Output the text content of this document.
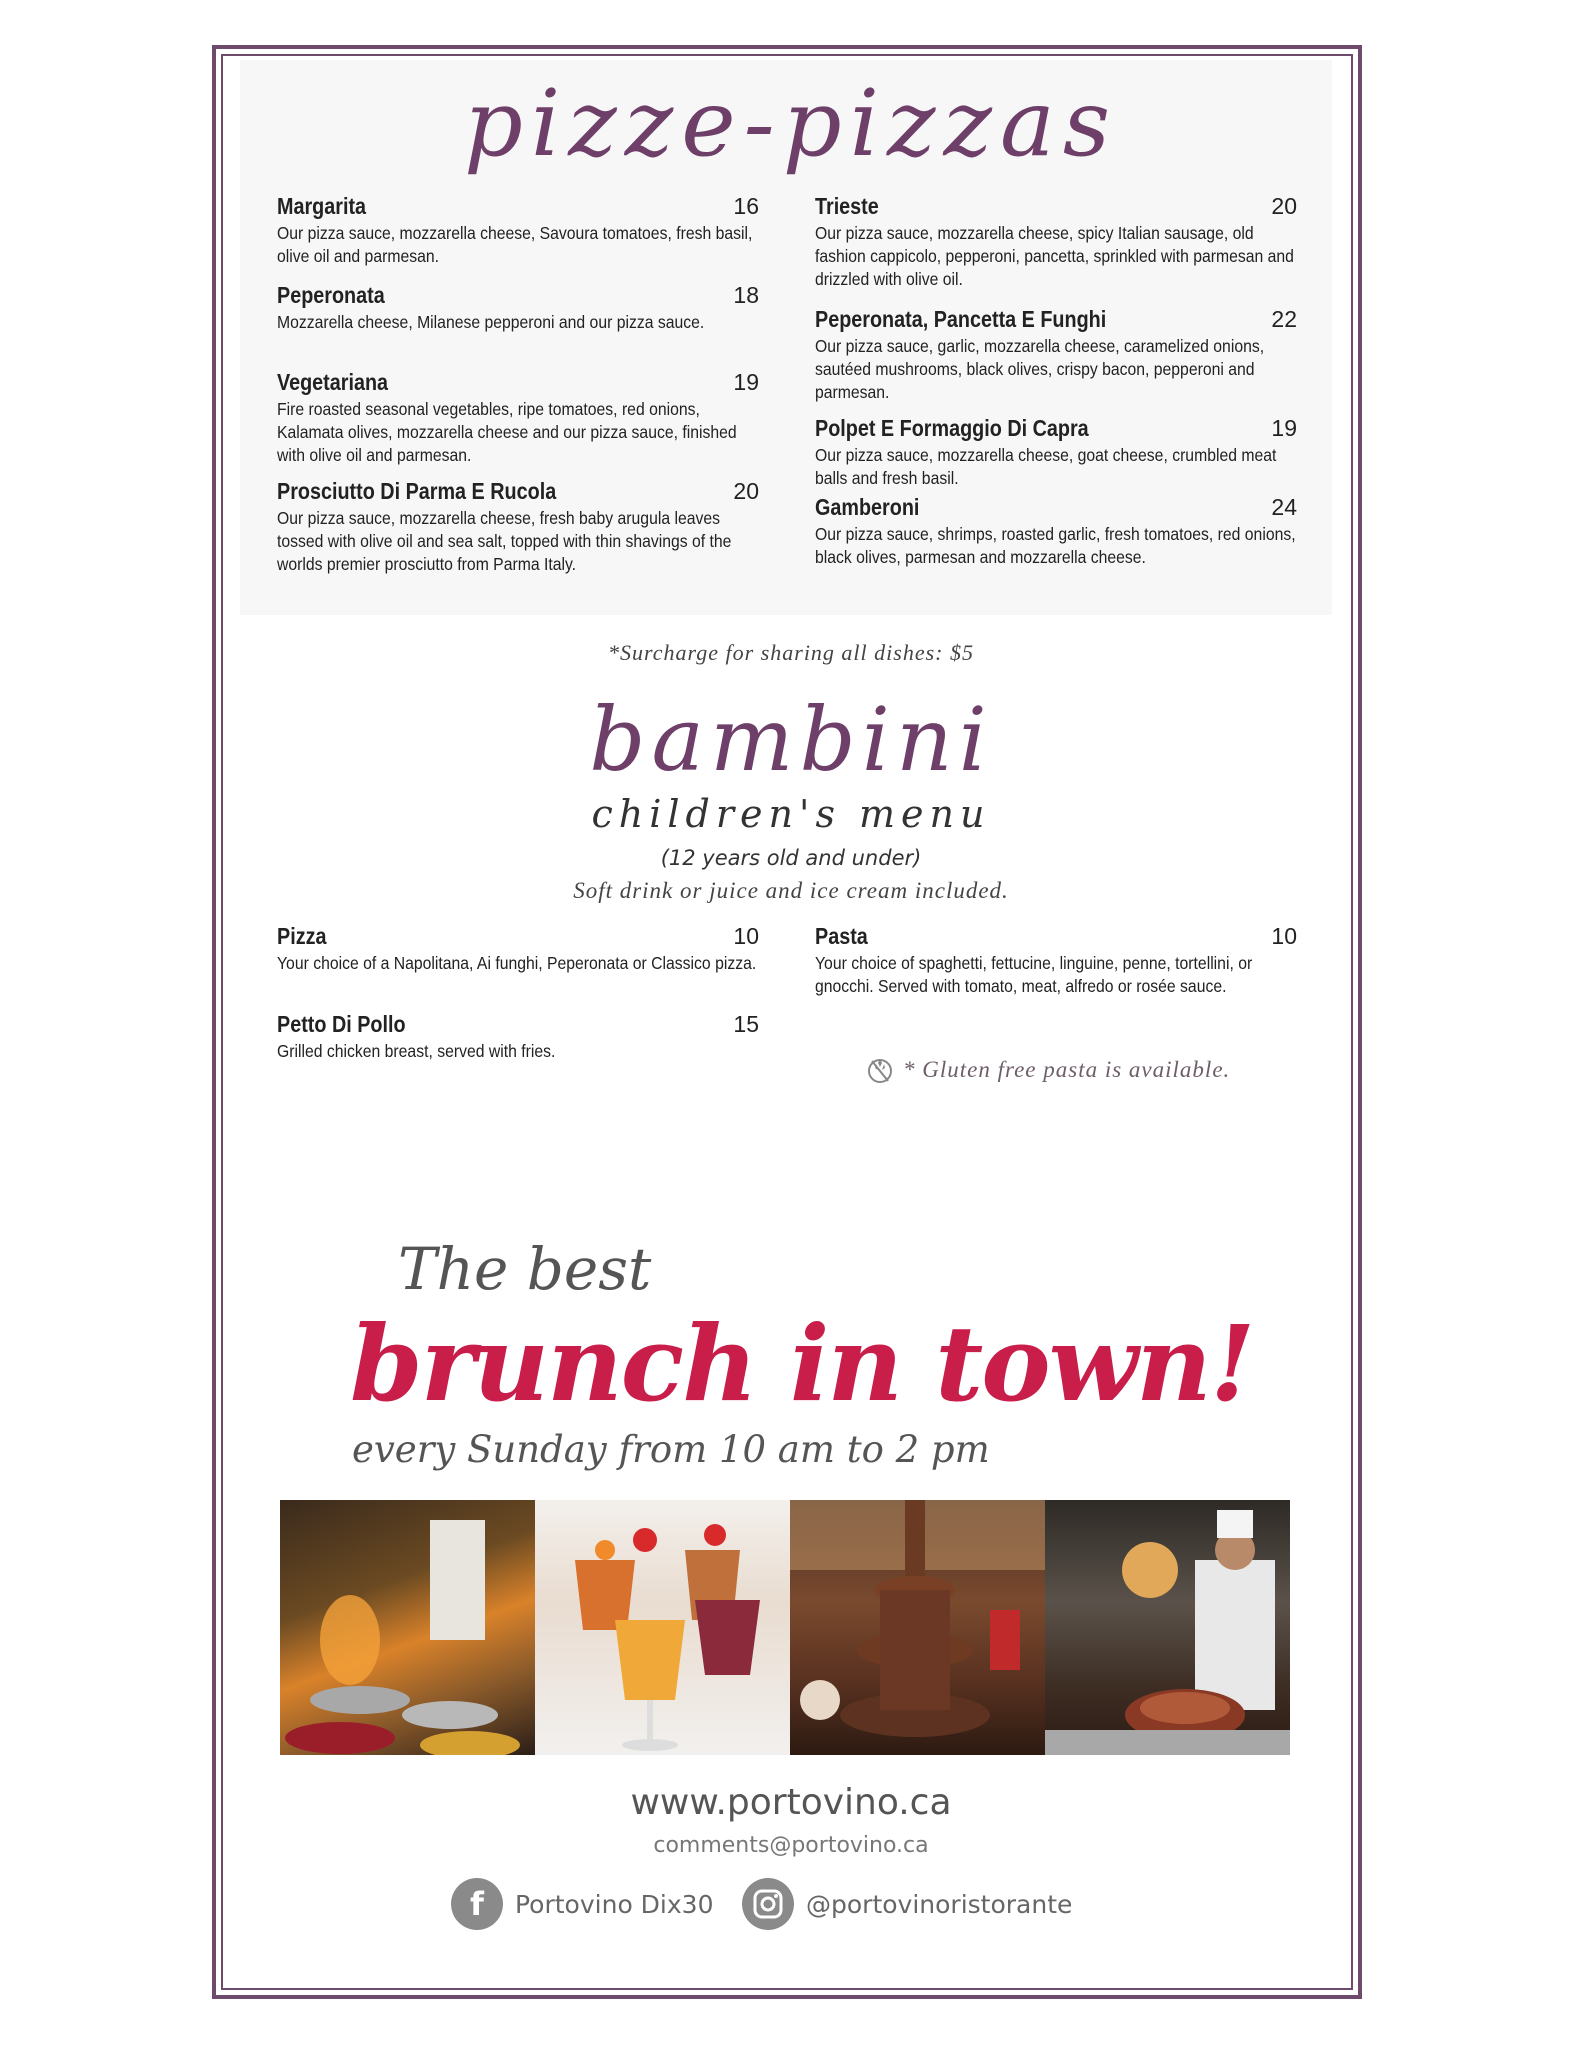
pizze-pizzas
Margarita	16
Our pizza sauce, mozzarella cheese, Savoura tomatoes, fresh basil, olive oil and parmesan.
Peperonata	18
Mozzarella cheese, Milanese pepperoni and our pizza sauce.
Vegetariana	19
Fire roasted seasonal vegetables, ripe tomatoes, red onions, Kalamata olives, mozzarella cheese and our pizza sauce, finished with olive oil and parmesan.
Prosciutto Di Parma E Rucola	20
Our pizza sauce, mozzarella cheese, fresh baby arugula leaves tossed with olive oil and sea salt, topped with thin shavings of the worlds premier prosciutto from Parma Italy.
Trieste	20
Our pizza sauce, mozzarella cheese, spicy Italian sausage, old fashion cappicolo, pepperoni, pancetta, sprinkled with parmesan and drizzled with olive oil.
Peperonata, Pancetta E Funghi	22
Our pizza sauce, garlic, mozzarella cheese, caramelized onions, sautéed mushrooms, black olives, crispy bacon, pepperoni and parmesan.
Polpet E Formaggio Di Capra	19
Our pizza sauce, mozzarella cheese, goat cheese, crumbled meat balls and fresh basil.
Gamberoni	24
Our pizza sauce, shrimps, roasted garlic, fresh tomatoes, red onions, black olives, parmesan and mozzarella cheese.
*Surcharge for sharing all dishes: $5
bambini
children's menu
(12 years old and under)
Soft drink or juice and ice cream included.
Pizza	10
Your choice of a Napolitana, Ai funghi, Peperonata or Classico pizza.
Petto Di Pollo	15
Grilled chicken breast, served with fries.
Pasta	10
Your choice of spaghetti, fettucine, linguine, penne, tortellini, or gnocchi. Served with tomato, meat, alfredo or rosée sauce.
* Gluten free pasta is available.
The best
brunch in town!
every Sunday from 10 am to 2 pm
www.portovino.ca
comments@portovino.ca
f	Portovino Dix30	@portovinoristorante
